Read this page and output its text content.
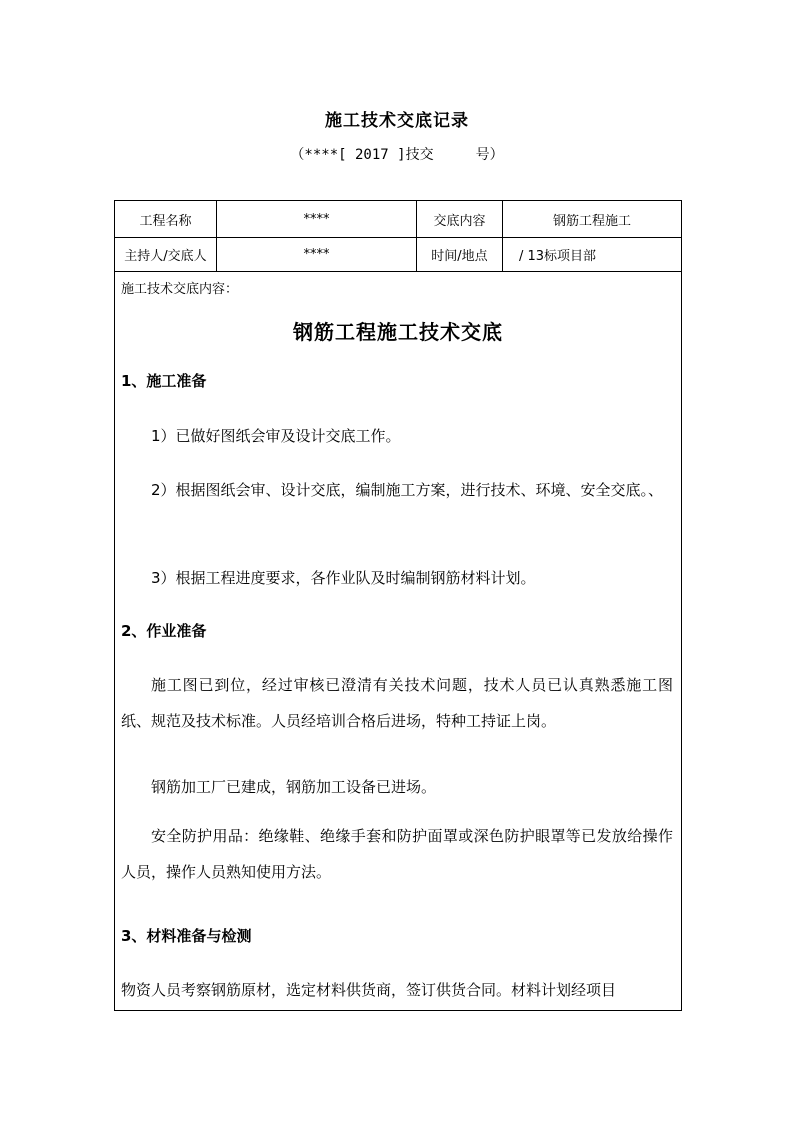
施工技术交底记录
（****[ 2017 ]技交　　　号）
工程名称	****	交底内容	钢筋工程施工
主持人/交底人	****	时间/地点	/ 13标项目部
施工技术交底内容：
钢筋工程施工技术交底
1、施工准备
1）已做好图纸会审及设计交底工作。
2）根据图纸会审、设计交底，编制施工方案，进行技术、环境、安全交底。、
3）根据工程进度要求，各作业队及时编制钢筋材料计划。
2、作业准备
施工图已到位，经过审核已澄清有关技术问题，技术人员已认真熟悉施工图纸、规范及技术标准。人员经培训合格后进场，特种工持证上岗。
钢筋加工厂已建成，钢筋加工设备已进场。
安全防护用品：绝缘鞋、绝缘手套和防护面罩或深色防护眼罩等已发放给操作人员，操作人员熟知使用方法。
3、材料准备与检测
物资人员考察钢筋原材，选定材料供货商，签订供货合同。材料计划经项目
